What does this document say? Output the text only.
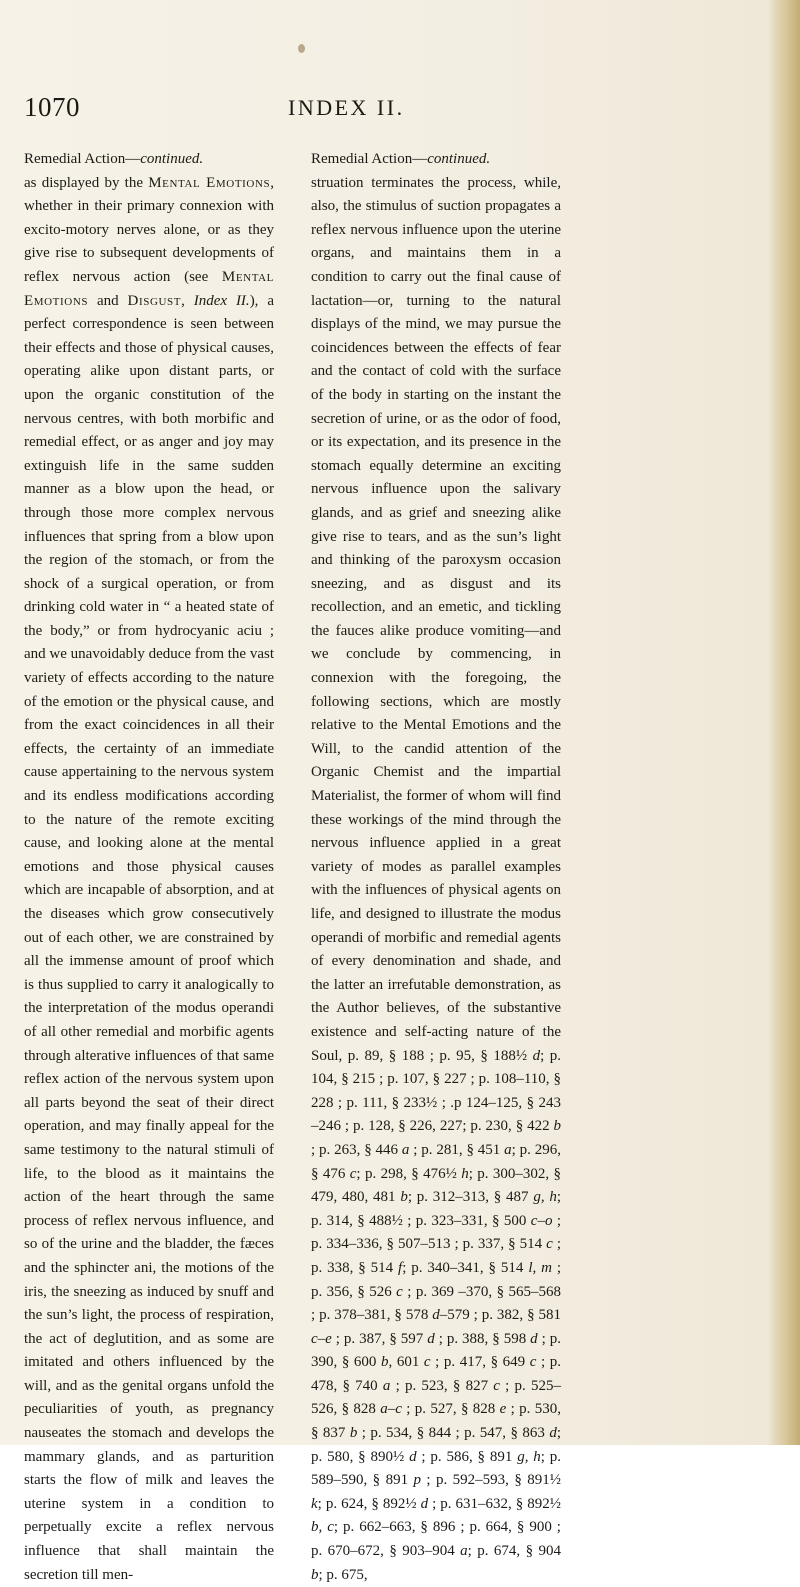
1070	INDEX II.

Remedial Action—continued.

as displayed by the Mental Emotions, whether in their primary connexion with excito-motory nerves alone, or as they give rise to subsequent developments of reflex nervous action (see Mental Emotions and Disgust, Index II.), a perfect correspondence is seen between their effects and those of physical causes, operating alike upon distant parts, or upon the organic constitution of the nervous centres, with both morbific and remedial effect, or as anger and joy may extinguish life in the same sudden manner as a blow upon the head, or through those more complex nervous influences that spring from a blow upon the region of the stomach, or from the shock of a surgical operation, or from drinking cold water in “ a heated state of the body,” or from hydrocyanic aciu ; and we unavoidably deduce from the vast variety of effects according to the nature of the emotion or the physical cause, and from the exact coincidences in all their effects, the certainty of an immediate cause appertaining to the nervous system and its endless modifications according to the nature of the remote exciting cause, and looking alone at the mental emotions and those physical causes which are incapable of absorption, and at the diseases which grow consecutively out of each other, we are constrained by all the immense amount of proof which is thus supplied to carry it analogically to the interpretation of the modus operandi of all other remedial and morbific agents through alterative influences of that same reflex action of the nervous system upon all parts beyond the seat of their direct operation, and may finally appeal for the same testimony to the natural stimuli of life, to the blood as it maintains the action of the heart through the same process of reflex nervous influence, and so of the urine and the bladder, the fæces and the sphincter ani, the motions of the iris, the sneezing as induced by snuff and the sun’s light, the process of respiration, the act of deglutition, and as some are imitated and others influenced by the will, and as the genital organs unfold the peculiarities of youth, as pregnancy nauseates the stomach and develops the mammary glands, and as parturition starts the flow of milk and leaves the uterine system in a condition to perpetually excite a reflex nervous influence that shall maintain the secretion till men-

Remedial Action—continued.

struation terminates the process, while, also, the stimulus of suction propagates a reflex nervous influence upon the uterine organs, and maintains them in a condition to carry out the final cause of lactation—or, turning to the natural displays of the mind, we may pursue the coincidences between the effects of fear and the contact of cold with the surface of the body in starting on the instant the secretion of urine, or as the odor of food, or its expectation, and its presence in the stomach equally determine an exciting nervous influence upon the salivary glands, and as grief and sneezing alike give rise to tears, and as the sun’s light and thinking of the paroxysm occasion sneezing, and as disgust and its recollection, and an emetic, and tickling the fauces alike produce vomiting—and we conclude by commencing, in connexion with the foregoing, the following sections, which are mostly relative to the Mental Emotions and the Will, to the candid attention of the Organic Chemist and the impartial Materialist, the former of whom will find these workings of the mind through the nervous influence applied in a great variety of modes as parallel examples with the influences of physical agents on life, and designed to illustrate the modus operandi of morbific and remedial agents of every denomination and shade, and the latter an irrefutable demonstration, as the Author believes, of the substantive existence and self-acting nature of the Soul, p. 89, § 188 ; p. 95, § 188½ d; p. 104, § 215 ; p. 107, § 227 ; p. 108–110, § 228 ; p. 111, § 233½ ; .p 124–125, § 243 –246 ; p. 128, § 226, 227; p. 230, § 422 b ; p. 263, § 446 a ; p. 281, § 451 a; p. 296, § 476 c; p. 298, § 476½ h; p. 300–302, § 479, 480, 481 b; p. 312–313, § 487 g, h; p. 314, § 488½ ; p. 323–331, § 500 c–o ; p. 334–336, § 507–513 ; p. 337, § 514 c ; p. 338, § 514 f; p. 340–341, § 514 l, m ; p. 356, § 526 c ; p. 369 –370, § 565–568 ; p. 378–381, § 578 d–579 ; p. 382, § 581 c–e ; p. 387, § 597 d ; p. 388, § 598 d ; p. 390, § 600 b, 601 c ; p. 417, § 649 c ; p. 478, § 740 a ; p. 523, § 827 c ; p. 525–526, § 828 a–c ; p. 527, § 828 e ; p. 530, § 837 b ; p. 534, § 844 ; p. 547, § 863 d; p. 580, § 890½ d ; p. 586, § 891 g, h; p. 589–590, § 891 p ; p. 592–593, § 891½ k; p. 624, § 892½ d ; p. 631–632, § 892½ b, c; p. 662–663, § 896 ; p. 664, § 900 ; p. 670–672, § 903–904 a; p. 674, § 904 b; p. 675,
